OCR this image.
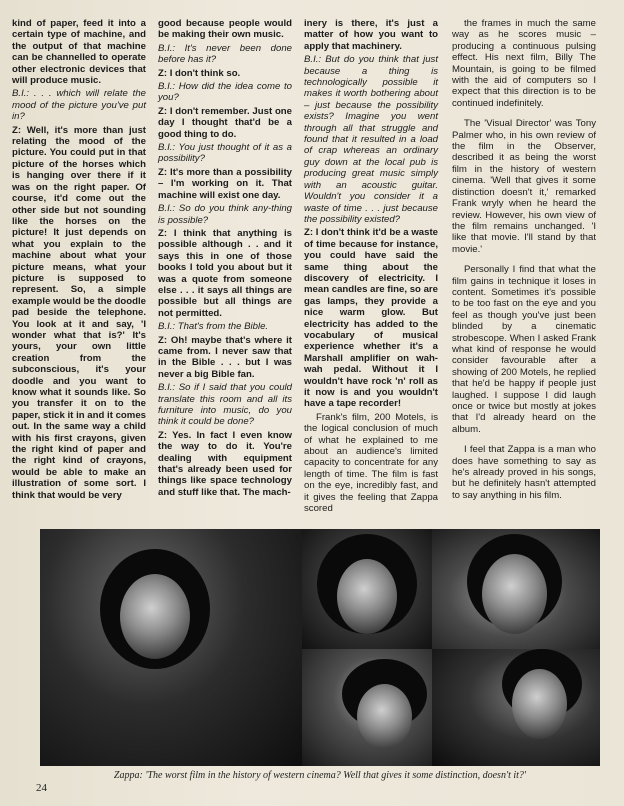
kind of paper, feed it into a certain type of machine, and the output of that machine can be channelled to operate other electronic devices that will produce music.

B.I.: . . . which will relate the mood of the picture you've put in?

Z: Well, it's more than just relating the mood of the picture. You could put in that picture of the horses which is hanging over there if it was on the right paper. Of course, it'd come out the other side but not sounding like the horses on the picture! It just depends on what you explain to the machine about what your picture means, what your picture is supposed to represent. So, a simple example would be the doodle pad beside the telephone. You look at it and say, 'I wonder what that is?' It's yours, your own little creation from the subconscious, it's your doodle and you want to know what it sounds like. So you transfer it on to the paper, stick it in and it comes out. In the same way a child with his first crayons, given the right kind of paper and the right kind of crayons, would be able to make an illustration of some sort. I think that would be very

good because people would be making their own music.

B.I.: It's never been done before has it?

Z: I don't think so.

B.I.: How did the idea come to you?

Z: I don't remember. Just one day I thought that'd be a good thing to do.

B.I.: You just thought of it as a possibility?

Z: It's more than a possibility – I'm working on it. That machine will exist one day.

B.I.: So do you think any-thing is possible?

Z: I think that anything is possible although . . and it says this in one of those books I told you about but it was a quote from someone else . . . it says all things are possible but all things are not permitted.

B.I.: That's from the Bible.

Z: Oh! maybe that's where it came from. I never saw that in the Bible . . . but I was never a big Bible fan.

B.I.: So if I said that you could translate this room and all its furniture into music, do you think it could be done?

Z: Yes. In fact I even know the way to do it. You're dealing with equipment that's already been used for things like space technology and stuff like that. The mach-

inery is there, it's just a matter of how you want to apply that machinery.

B.I.: But do you think that just because a thing is technologically possible it makes it worth bothering about – just because the possibility exists? Imagine you went through all that struggle and found that it resulted in a load of crap whereas an ordinary guy down at the local pub is producing great music simply with an acoustic guitar. Wouldn't you consider it a waste of time . . . just because the possibility existed?

Z: I don't think it'd be a waste of time because for instance, you could have said the same thing about the discovery of electricity. I mean candles are fine, so are gas lamps, they provide a nice warm glow. But electricity has added to the vocabulary of musical experience whether it's a Marshall amplifier on wah-wah pedal. Without it I wouldn't have rock 'n' roll as it now is and you wouldn't have a tape recorder!

Frank's film, 200 Motels, is the logical conclusion of much of what he explained to me about an audience's limited capacity to concentrate for any length of time. The film is fast on the eye, incredibly fast, and it gives the feeling that Zappa scored

the frames in much the same way as he scores music – producing a continuous pulsing effect. His next film, Billy The Mountain, is going to be filmed with the aid of computers so I expect that this direction is to be continued indefinitely.

The 'Visual Director' was Tony Palmer who, in his own review of the film in the Observer, described it as being the worst film in the history of western cinema. 'Well that gives it some distinction doesn't it,' remarked Frank wryly when he heard the review. However, his own view of the film remains unchanged. 'I like that movie. I'll stand by that movie.'

Personally I find that what the film gains in technique it loses in content. Sometimes it's possible to be too fast on the eye and you feel as though you've just been blinded by a cinematic strobescope. When I asked Frank what kind of response he would consider favourable after a showing of 200 Motels, he replied that he'd be happy if people just laughed. I suppose I did laugh once or twice but mostly at jokes that I'd already heard on the album.

I feel that Zappa is a man who does have something to say as he's already proved in his songs, but he definitely hasn't attempted to say anything in his film.

Zappa: 'The worst film in the history of western cinema? Well that gives it some distinction, doesn't it?'
24
